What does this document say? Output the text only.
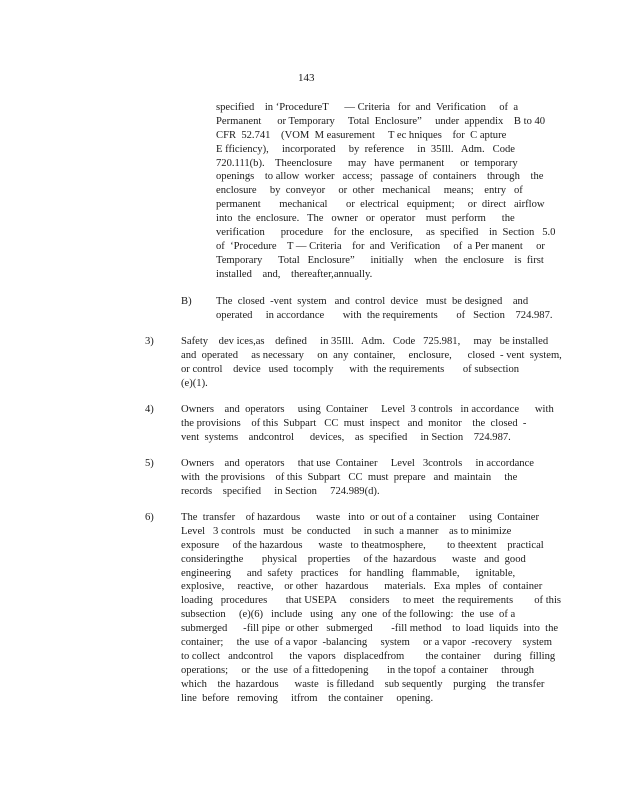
143
specified    in ‘ProcedureT      — Criteria   for  and  Verification     of  a
Permanent      or Temporary     Total  Enclosure”     under  appendix    B to 40
CFR  52.741    (VOM  M easurement     T ec hniques    for  C apture
E fficiency),     incorporated     by  reference     in  35Ill.   Adm.   Code
720.111(b).    Theenclosure      may   have  permanent      or  temporary
openings    to allow  worker   access;   passage  of  containers    through    the
enclosure     by  conveyor     or  other   mechanical     means;    entry   of
permanent       mechanical       or  electrical   equipment;     or  direct   airflow
into  the  enclosure.   The   owner   or  operator    must  perform      the
verification      procedure    for  the  enclosure,     as  specified    in  Section   5.0
of  ‘Procedure    T — Criteria    for  and  Verification     of  a Per manent     or
Temporary      Total   Enclosure”      initially    when   the  enclosure    is  first
installed    and,    thereafter,annually.
B) The  closed  -vent  system   and  control  device   must  be designed    and
operated     in accordance       with  the requirements       of   Section    724.987.
3)	Safety    dev ices,as    defined     in 35Ill.   Adm.   Code   725.981,     may   be installed
and  operated     as necessary     on  any  container,     enclosure,      closed  - vent  system,
or control    device   used  tocomply      with  the requirements       of subsection
(e)(1).
4)	Owners    and  operators     using  Container     Level  3 controls   in accordance      with
the provisions    of this  Subpart   CC  must  inspect   and  monitor    the  closed  -
vent  systems    andcontrol      devices,    as  specified     in Section    724.987.
5)	Owners    and  operators     that use  Container     Level   3controls     in accordance
with  the provisions    of this  Subpart   CC  must  prepare   and  maintain     the
records    specified     in Section     724.989(d).
6)	The  transfer    of hazardous      waste   into  or out of a container     using  Container
Level   3 controls   must   be  conducted     in such  a manner    as to minimize
exposure     of the hazardous      waste   to theatmosphere,        to theextent    practical
consideringthe       physical    properties     of the  hazardous      waste   and  good
engineering      and  safety   practices    for  handling   flammable,      ignitable,
explosive,     reactive,    or other   hazardous      materials.   Exa  mples   of  container
loading   procedures       that USEPA     considers     to meet   the requirements        of this
subsection     (e)(6)   include   using   any  one  of the following:   the  use  of a
submerged      -fill pipe  or other   submerged       -fill method    to  load  liquids  into  the
container;     the  use  of a vapor  -balancing     system     or a vapor  -recovery    system
to collect   andcontrol      the  vapors   displacedfrom        the container     during   filling
operations;     or  the  use  of a fittedopening       in the topof  a container     through
which    the  hazardous      waste   is filledand    sub sequently    purging    the transfer
line  before   removing     itfrom    the container     opening.
